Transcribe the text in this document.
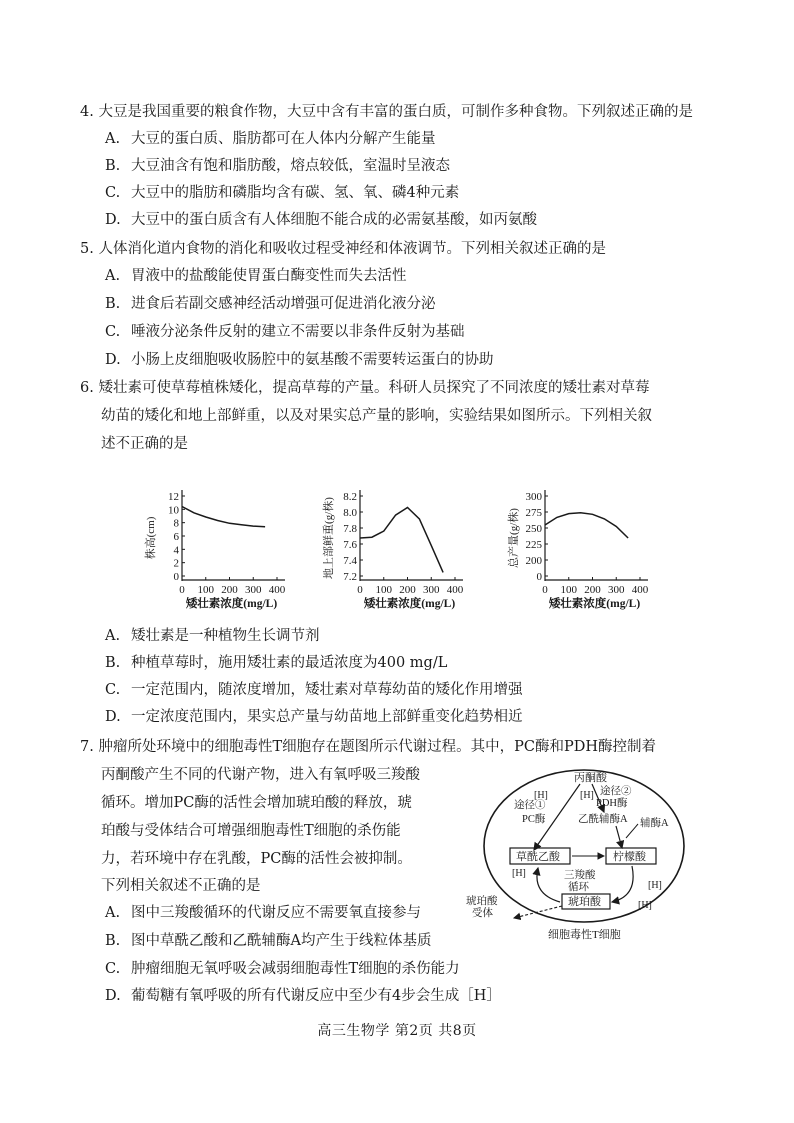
4. 大豆是我国重要的粮食作物，大豆中含有丰富的蛋白质，可制作多种食物。下列叙述正确的是
A. 大豆的蛋白质、脂肪都可在人体内分解产生能量
B. 大豆油含有饱和脂肪酸，熔点较低，室温时呈液态
C. 大豆中的脂肪和磷脂均含有碳、氢、氧、磷4种元素
D. 大豆中的蛋白质含有人体细胞不能合成的必需氨基酸，如丙氨酸
5. 人体消化道内食物的消化和吸收过程受神经和体液调节。下列相关叙述正确的是
A. 胃液中的盐酸能使胃蛋白酶变性而失去活性
B. 进食后若副交感神经活动增强可促进消化液分泌
C. 唾液分泌条件反射的建立不需要以非条件反射为基础
D. 小肠上皮细胞吸收肠腔中的氨基酸不需要转运蛋白的协助
6. 矮壮素可使草莓植株矮化，提高草莓的产量。科研人员探究了不同浓度的矮壮素对草莓
幼苗的矮化和地上部鲜重，以及对果实总产量的影响，实验结果如图所示。下列相关叙
述不正确的是
0
2
4
6
8
10
12
0 100 200 300 400
矮壮素浓度(mg/L)
株高(cm)
7.2
7.4
7.6
7.8
8.0
8.2
0 100 200 300 400
矮壮素浓度(mg/L)
地上部鲜重(g/株)	0
200
225
250
275
300
0 100 200 300 400
矮壮素浓度(mg/L)
总产量(g/株)
A. 矮壮素是一种植物生长调节剂
B. 种植草莓时，施用矮壮素的最适浓度为400 mg/L
C. 一定范围内，随浓度增加，矮壮素对草莓幼苗的矮化作用增强
D. 一定浓度范围内，果实总产量与幼苗地上部鲜重变化趋势相近
7. 肿瘤所处环境中的细胞毒性T细胞存在题图所示代谢过程。其中，PC酶和PDH酶控制着
丙酮酸产生不同的代谢产物，进入有氧呼吸三羧酸
循环。增加PC酶的活性会增加琥珀酸的释放，琥
珀酸与受体结合可增强细胞毒性T细胞的杀伤能
力，若环境中存在乳酸，PC酶的活性会被抑制。
下列相关叙述不正确的是
A. 图中三羧酸循环的代谢反应不需要氧直接参与
B. 图中草酰乙酸和乙酰辅酶A均产生于线粒体基质
C. 肿瘤细胞无氧呼吸会减弱细胞毒性T细胞的杀伤能力
D. 葡萄糖有氧呼吸的所有代谢反应中至少有4步会生成［H］
丙酮酸
途径①
[H]
PC酶
途径②
[H]
PDH酶
乙酰辅酶A 辅酶A
草酰乙酸	柠檬酸
三羧酸
循环
琥珀酸
[H]
[H]
[H]
琥珀酸
受体
细胞毒性T细胞
高三生物学 第2页 共8页
